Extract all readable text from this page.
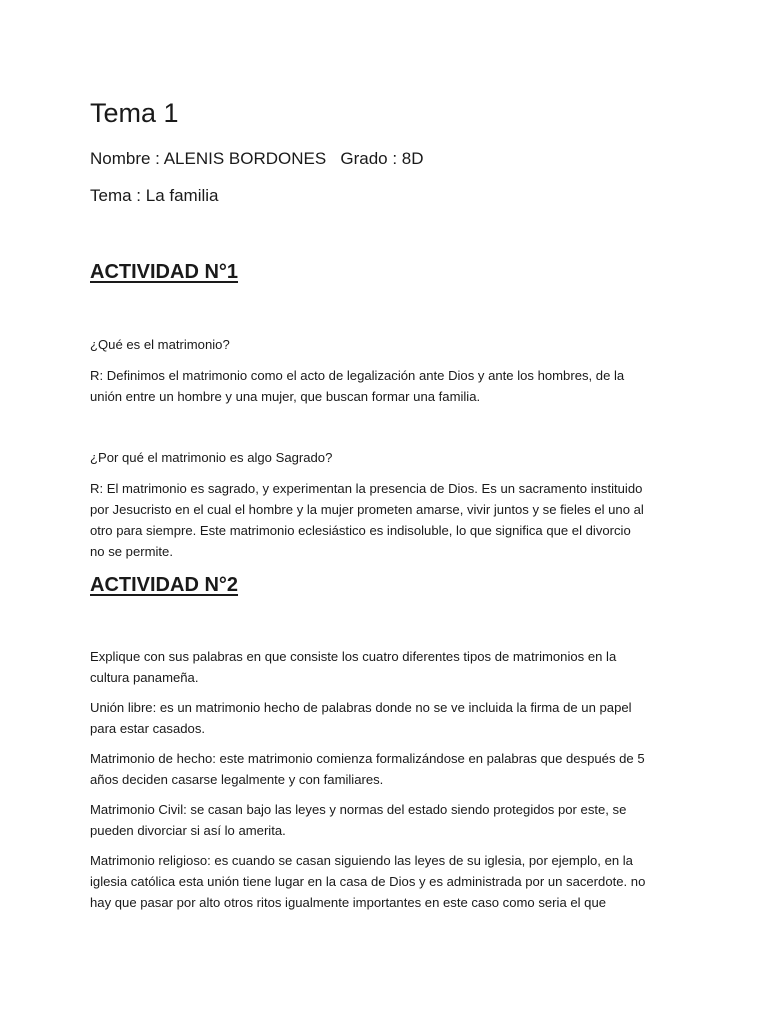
Tema 1
Nombre : ALENIS BORDONES   Grado : 8D
Tema : La familia
ACTIVIDAD N°1
¿Qué es el matrimonio?
R: Definimos el matrimonio como el acto de legalización ante Dios y ante los hombres, de la
unión entre un hombre y una mujer, que buscan formar una familia.
¿Por qué el matrimonio es algo Sagrado?
R: El matrimonio es sagrado, y experimentan la presencia de Dios. Es un sacramento instituido
por Jesucristo en el cual el hombre y la mujer prometen amarse, vivir juntos y se fieles el uno al
otro para siempre. Este matrimonio eclesiástico es indisoluble, lo que significa que el divorcio
no se permite.
ACTIVIDAD N°2
Explique con sus palabras en que consiste los cuatro diferentes tipos de matrimonios en la
cultura panameña.
Unión libre: es un matrimonio hecho de palabras donde no se ve incluida la firma de un papel
para estar casados.
Matrimonio de hecho: este matrimonio comienza formalizándose en palabras que después de 5
años deciden casarse legalmente y con familiares.
Matrimonio Civil: se casan bajo las leyes y normas del estado siendo protegidos por este, se
pueden divorciar si así lo amerita.
Matrimonio religioso: es cuando se casan siguiendo las leyes de su iglesia, por ejemplo, en la
iglesia católica esta unión tiene lugar en la casa de Dios y es administrada por un sacerdote. no
hay que pasar por alto otros ritos igualmente importantes en este caso como seria el que
